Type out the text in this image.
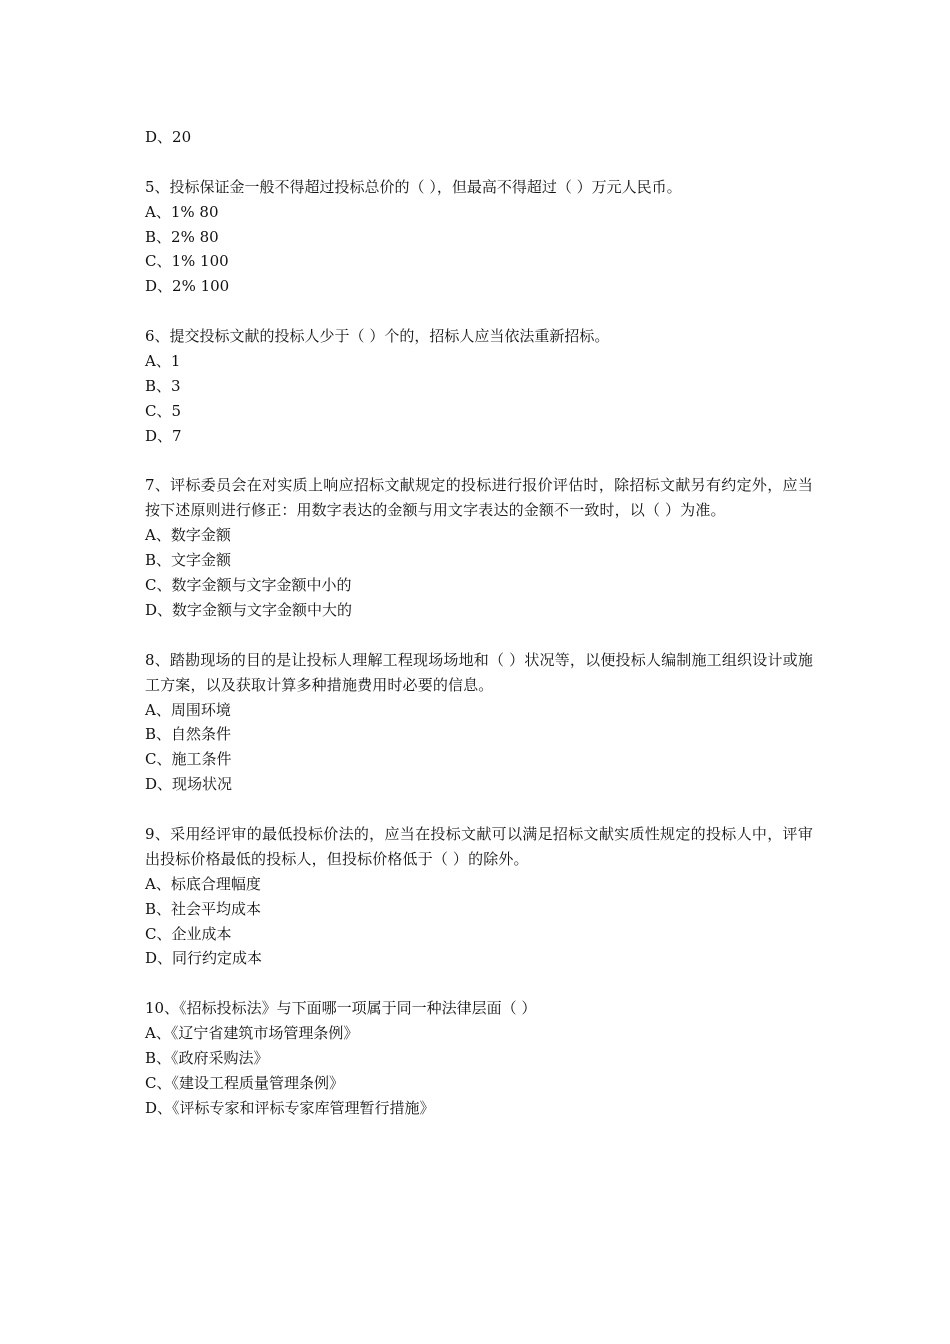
D、20
5、投标保证金一般不得超过投标总价的（ ），但最高不得超过（ ）万元人民币。
A、1% 80
B、2% 80
C、1% 100
D、2% 100
6、提交投标文献的投标人少于（ ）个的，招标人应当依法重新招标。
A、1
B、3
C、5
D、7
7、评标委员会在对实质上响应招标文献规定的投标进行报价评估时，除招标文献另有约定外，应当按下述原则进行修正：用数字表达的金额与用文字表达的金额不一致时，以（ ）为准。
A、数字金额
B、文字金额
C、数字金额与文字金额中小的
D、数字金额与文字金额中大的
8、踏勘现场的目的是让投标人理解工程现场场地和（ ）状况等，以便投标人编制施工组织设计或施工方案，以及获取计算多种措施费用时必要的信息。
A、周围环境
B、自然条件
C、施工条件
D、现场状况
9、采用经评审的最低投标价法的，应当在投标文献可以满足招标文献实质性规定的投标人中，评审出投标价格最低的投标人，但投标价格低于（ ）的除外。
A、标底合理幅度
B、社会平均成本
C、企业成本
D、同行约定成本
10、《招标投标法》与下面哪一项属于同一种法律层面（ ）
A、《辽宁省建筑市场管理条例》
B、《政府采购法》
C、《建设工程质量管理条例》
D、《评标专家和评标专家库管理暂行措施》
